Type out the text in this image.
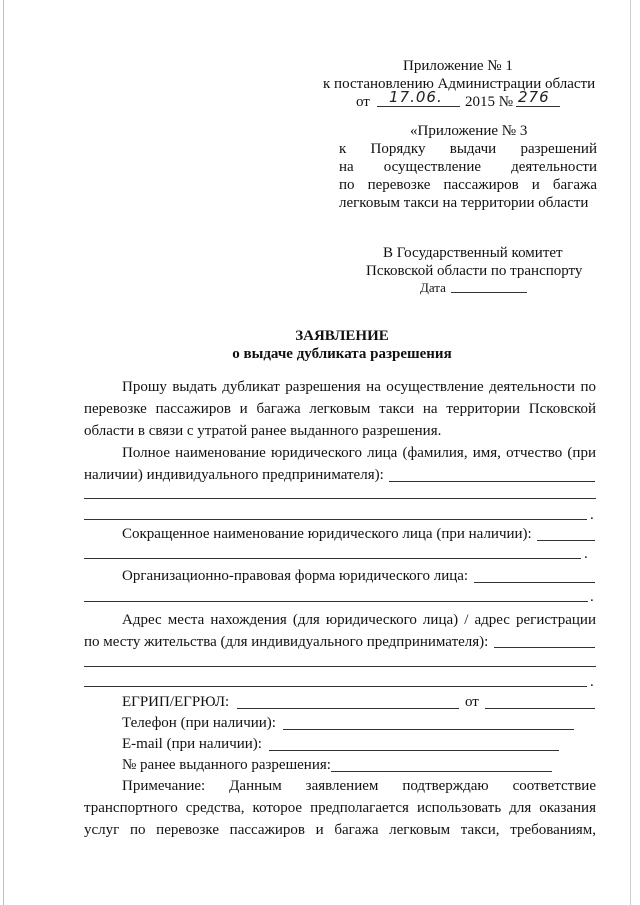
Приложение № 1
к постановлению Администрации области
от 17.06. 2015 № 276
«Приложение № 3
к Порядку выдачи разрешений
на осуществление деятельности
по перевозке пассажиров и багажа
легковым такси на территории области
В Государственный комитет
Псковской области по транспорту
Дата
ЗАЯВЛЕНИЕ
о выдаче дубликата разрешения
Прошу выдать дубликат разрешения на осуществление деятельности по
перевозке пассажиров и багажа легковым такси на территории Псковской
области в связи с утратой ранее выданного разрешения.
Полное наименование юридического лица (фамилия, имя, отчество (при
наличии) индивидуального предпринимателя):
.
Сокращенное наименование юридического лица (при наличии):
.
Организационно-правовая форма юридического лица:
.
Адрес места нахождения (для юридического лица) / адрес регистрации
по месту жительства (для индивидуального предпринимателя):
.
ЕГРИП/ЕГРЮЛ:	от
Телефон (при наличии):
E-mail (при наличии):
№ ранее выданного разрешения:
Примечание: Данным заявлением подтверждаю соответствие
транспортного средства, которое предполагается использовать для оказания
услуг по перевозке пассажиров и багажа легковым такси, требованиям,
